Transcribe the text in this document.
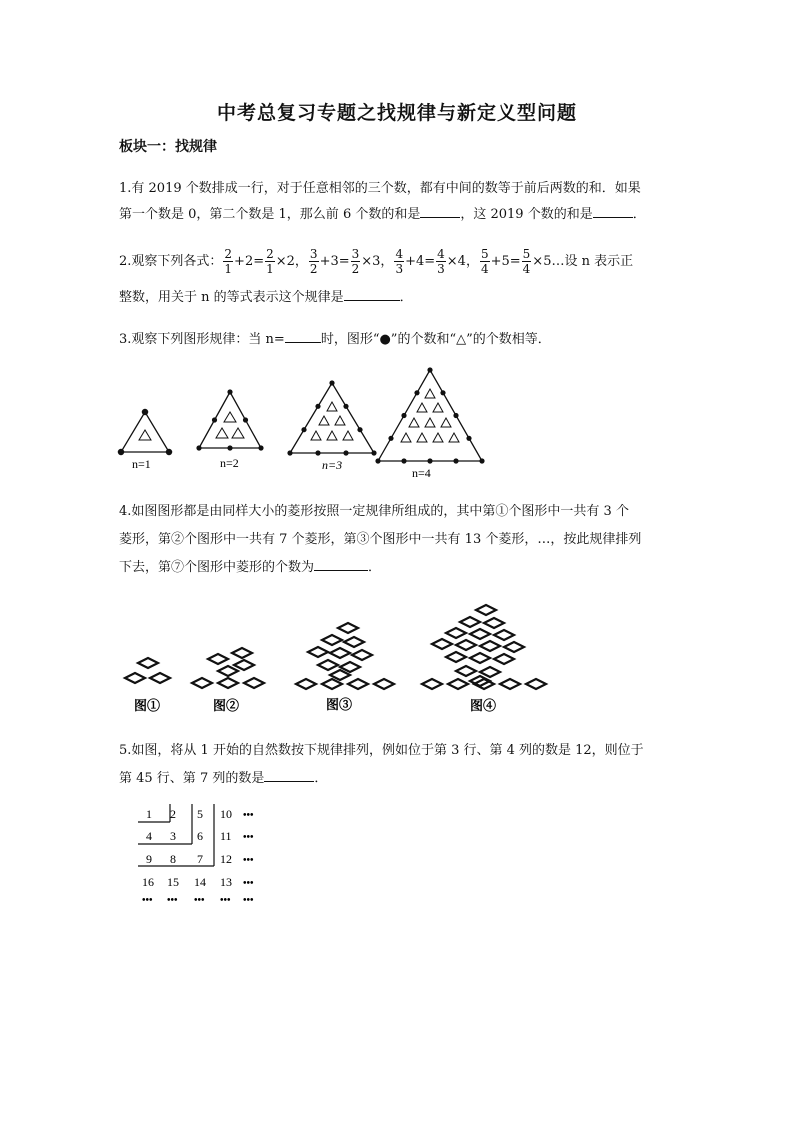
中考总复习专题之找规律与新定义型问题
板块一：找规律
1.有 2019 个数排成一行，对于任意相邻的三个数，都有中间的数等于前后两数的和．如果
第一个数是 0，第二个数是 1，那么前 6 个数的和是	，这 2019 个数的和是	．
2.观察下列各式： $\frac{2}{1} +2= \frac{2}{1} \times 2$， $\frac{3}{2} +3= \frac{3}{2} \times 3$， $\frac{4}{3} +4= \frac{4}{3} \times 4$， $\frac{5}{4} +5= \frac{5}{4}$ ×5…设 n 表示正
整数，用关于 n 的等式表示这个规律是	．
3.观察下列图形规律：当 n=	时，图形“●”的个数和“△”的个数相等．
n=1	n=2	n=3
n=4
4.如图图形都是由同样大小的菱形按照一定规律所组成的，其中第①个图形中一共有 3 个
菱形，第②个图形中一共有 7 个菱形，第③个图形中一共有 13 个菱形，…，按此规律排列
下去，第⑦个图形中菱形的个数为	．
图①	图②	图③	图④
5.如图，将从 1 开始的自然数按下规律排列，例如位于第 3 行、第 4 列的数是 12，则位于
第 45 行、第 7 列的数是	．
1 2 5 10 •••
4 3 6 11 •••
9 8 7 12 •••
16 15 14 13 •••
••• ••• ••• ••• •••
